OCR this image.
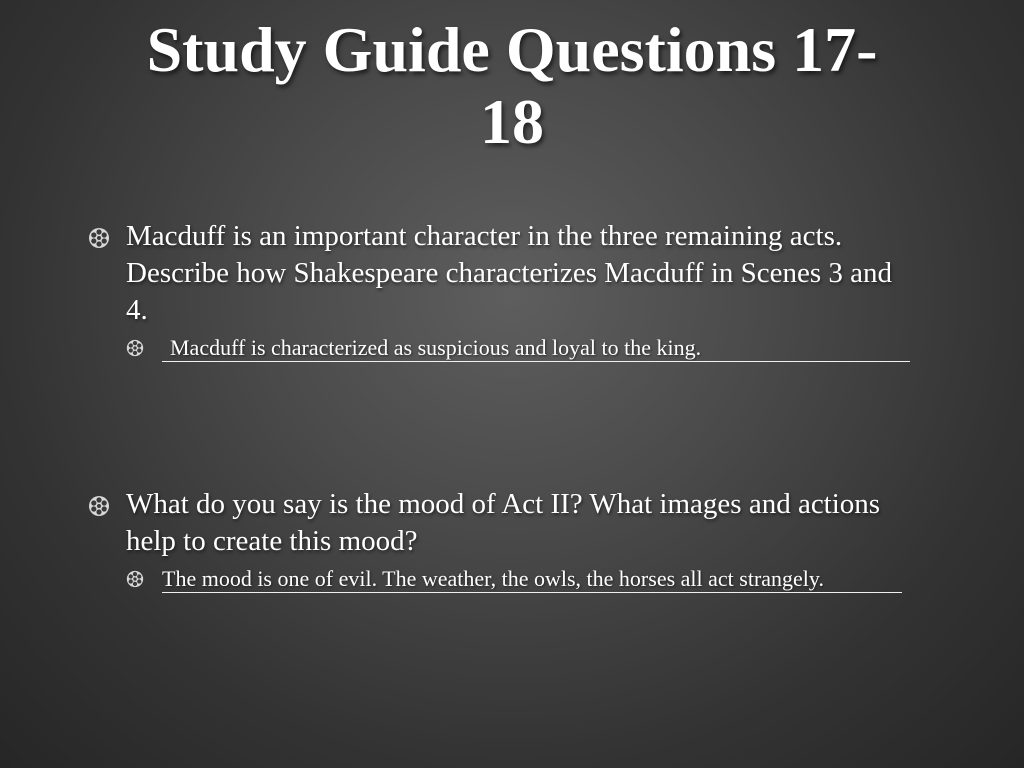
Study Guide Questions 17-
18
Macduff is an important character in the three remaining acts. Describe how Shakespeare characterizes Macduff in Scenes 3 and 4.
Macduff is characterized as suspicious and loyal to the king.
What do you say is the mood of Act II? What images and actions help to create this mood?
The mood is one of evil. The weather, the owls, the horses all act strangely.
